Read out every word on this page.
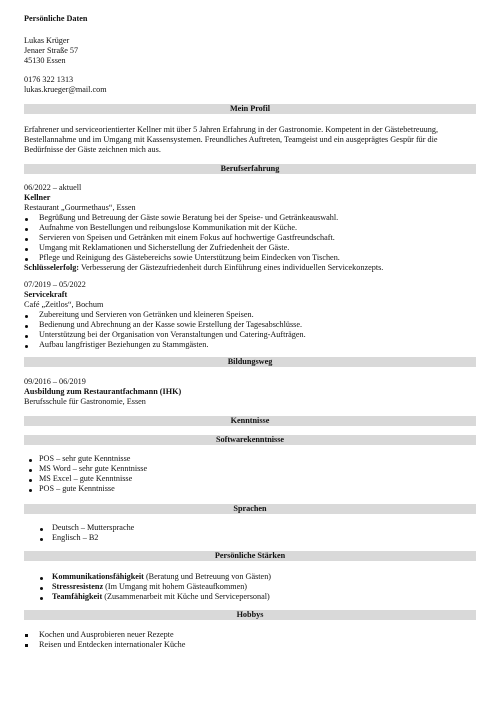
Persönliche Daten
Lukas Krüger
Jenaer Straße 57
45130 Essen
0176 322 1313
lukas.krueger@mail.com
Mein Profil
Erfahrener und serviceorientierter Kellner mit über 5 Jahren Erfahrung in der Gastronomie. Kompetent in der Gästebetreuung, Bestellannahme und im Umgang mit Kassensystemen. Freundliches Auftreten, Teamgeist und ein ausgeprägtes Gespür für die Bedürfnisse der Gäste zeichnen mich aus.
Berufserfahrung
06/2022 – aktuell
Kellner
Restaurant „Gourmethaus“, Essen
Begrüßung und Betreuung der Gäste sowie Beratung bei der Speise- und Getränkeauswahl.
Aufnahme von Bestellungen und reibungslose Kommunikation mit der Küche.
Servieren von Speisen und Getränken mit einem Fokus auf hochwertige Gastfreundschaft.
Umgang mit Reklamationen und Sicherstellung der Zufriedenheit der Gäste.
Pflege und Reinigung des Gästebereichs sowie Unterstützung beim Eindecken von Tischen.
Schlüsselerfolg: Verbesserung der Gästezufriedenheit durch Einführung eines individuellen Servicekonzepts.
07/2019 – 05/2022
Servicekraft
Café „Zeitlos“, Bochum
Zubereitung und Servieren von Getränken und kleineren Speisen.
Bedienung und Abrechnung an der Kasse sowie Erstellung der Tagesabschlüsse.
Unterstützung bei der Organisation von Veranstaltungen und Catering-Aufträgen.
Aufbau langfristiger Beziehungen zu Stammgästen.
Bildungsweg
09/2016 – 06/2019
Ausbildung zum Restaurantfachmann (IHK)
Berufsschule für Gastronomie, Essen
Kenntnisse
Softwarekenntnisse
POS – sehr gute Kenntnisse
MS Word – sehr gute Kenntnisse
MS Excel – gute Kenntnisse
POS – gute Kenntnisse
Sprachen
Deutsch – Muttersprache
Englisch – B2
Persönliche Stärken
Kommunikationsfähigkeit (Beratung und Betreuung von Gästen)
Stressresistenz (Im Umgang mit hohem Gästeaufkommen)
Teamfähigkeit (Zusammenarbeit mit Küche und Servicepersonal)
Hobbys
Kochen und Ausprobieren neuer Rezepte
Reisen und Entdecken internationaler Küche
